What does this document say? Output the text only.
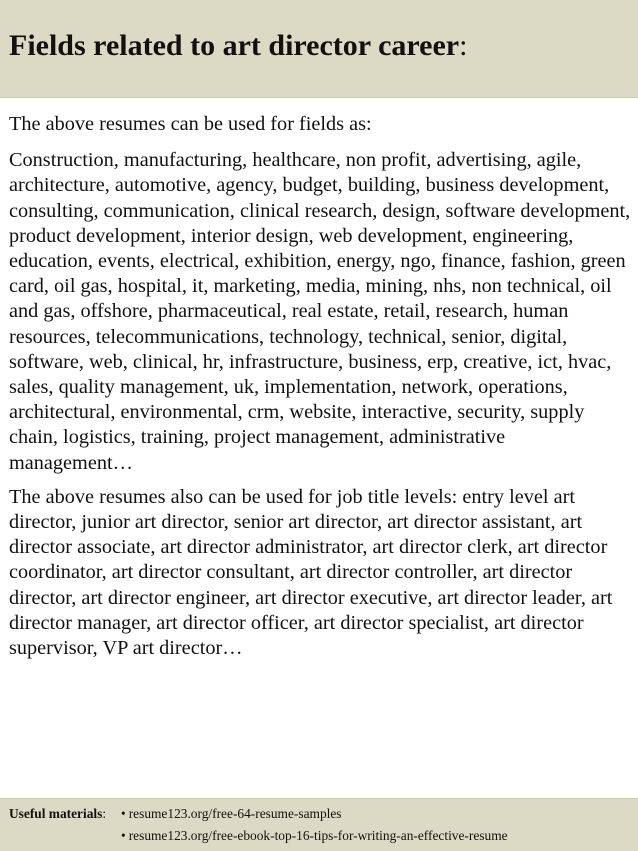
Fields related to art director career:

The above resumes can be used for fields as:

Construction, manufacturing, healthcare, non profit, advertising, agile, architecture, automotive, agency, budget, building, business development, consulting, communication, clinical research, design, software development, product development, interior design, web development, engineering, education, events, electrical, exhibition, energy, ngo, finance, fashion, green card, oil gas, hospital, it, marketing, media, mining, nhs, non technical, oil and gas, offshore, pharmaceutical, real estate, retail, research, human resources, telecommunications, technology, technical, senior, digital, software, web, clinical, hr, infrastructure, business, erp, creative, ict, hvac, sales, quality management, uk, implementation, network, operations, architectural, environmental, crm, website, interactive, security, supply chain, logistics, training, project management, administrative management…

The above resumes also can be used for job title levels: entry level art director, junior art director, senior art director, art director assistant, art director associate, art director administrator, art director clerk, art director coordinator, art director consultant, art director controller, art director director, art director engineer, art director executive, art director leader, art director manager, art director officer, art director specialist, art director supervisor, VP art director…

Useful materials: • resume123.org/free-64-resume-samples
• resume123.org/free-ebook-top-16-tips-for-writing-an-effective-resume
